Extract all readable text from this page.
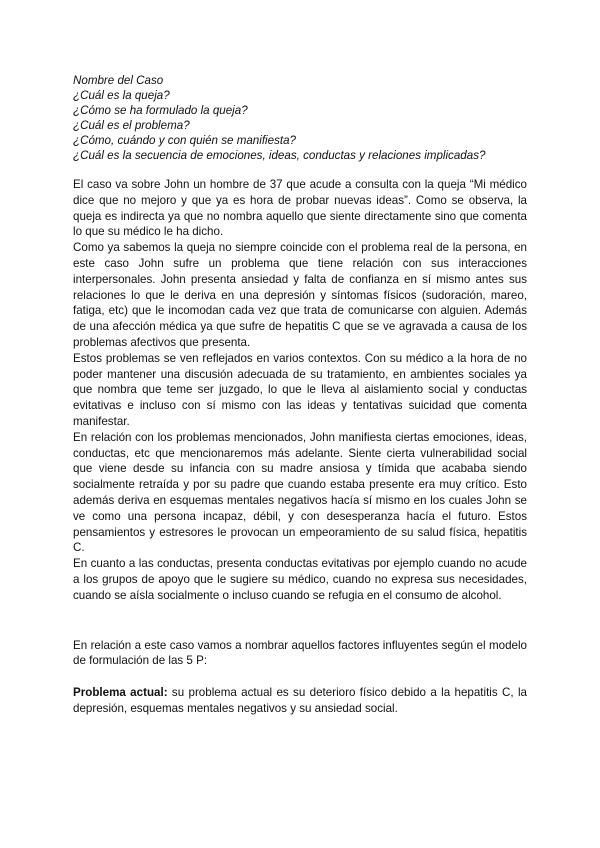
Nombre del Caso
¿Cuál es la queja?
¿Cómo se ha formulado la queja?
¿Cuál es el problema?
¿Cómo, cuándo y con quién se manifiesta?
¿Cuál es la secuencia de emociones, ideas, conductas y relaciones implicadas?

El caso va sobre John un hombre de 37 que acude a consulta con la queja “Mi médico dice que no mejoro y que ya es hora de probar nuevas ideas”. Como se observa, la queja es indirecta ya que no nombra aquello que siente directamente sino que comenta lo que su médico le ha dicho.

Como ya sabemos la queja no siempre coincide con el problema real de la persona, en este caso John sufre un problema que tiene relación con sus interacciones interpersonales. John presenta ansiedad y falta de confianza en sí mismo antes sus relaciones lo que le deriva en una depresión y síntomas físicos (sudoración, mareo, fatiga, etc) que le incomodan cada vez que trata de comunicarse con alguien. Además de una afección médica ya que sufre de hepatitis C que se ve agravada a causa de los problemas afectivos que presenta.

Estos problemas se ven reflejados en varios contextos. Con su médico a la hora de no poder mantener una discusión adecuada de su tratamiento, en ambientes sociales ya que nombra que teme ser juzgado, lo que le lleva al aislamiento social y conductas evitativas e incluso con sí mismo con las ideas y tentativas suicidad que comenta manifestar.

En relación con los problemas mencionados, John manifiesta ciertas emociones, ideas, conductas, etc que mencionaremos más adelante. Siente cierta vulnerabilidad social que viene desde su infancia con su madre ansiosa y tímida que acababa siendo socialmente retraída y por su padre que cuando estaba presente era muy crítico. Esto además deriva en esquemas mentales negativos hacía sí mismo en los cuales John se ve como una persona incapaz, débil, y con desesperanza hacía el futuro. Estos pensamientos y estresores le provocan un empeoramiento de su salud física, hepatitis C.

En cuanto a las conductas, presenta conductas evitativas por ejemplo cuando no acude a los grupos de apoyo que le sugiere su médico, cuando no expresa sus necesidades, cuando se aísla socialmente o incluso cuando se refugia en el consumo de alcohol.

En relación a este caso vamos a nombrar aquellos factores influyentes según el modelo de formulación de las 5 P:

Problema actual: su problema actual es su deterioro físico debido a la hepatitis C, la depresión, esquemas mentales negativos y su ansiedad social.
